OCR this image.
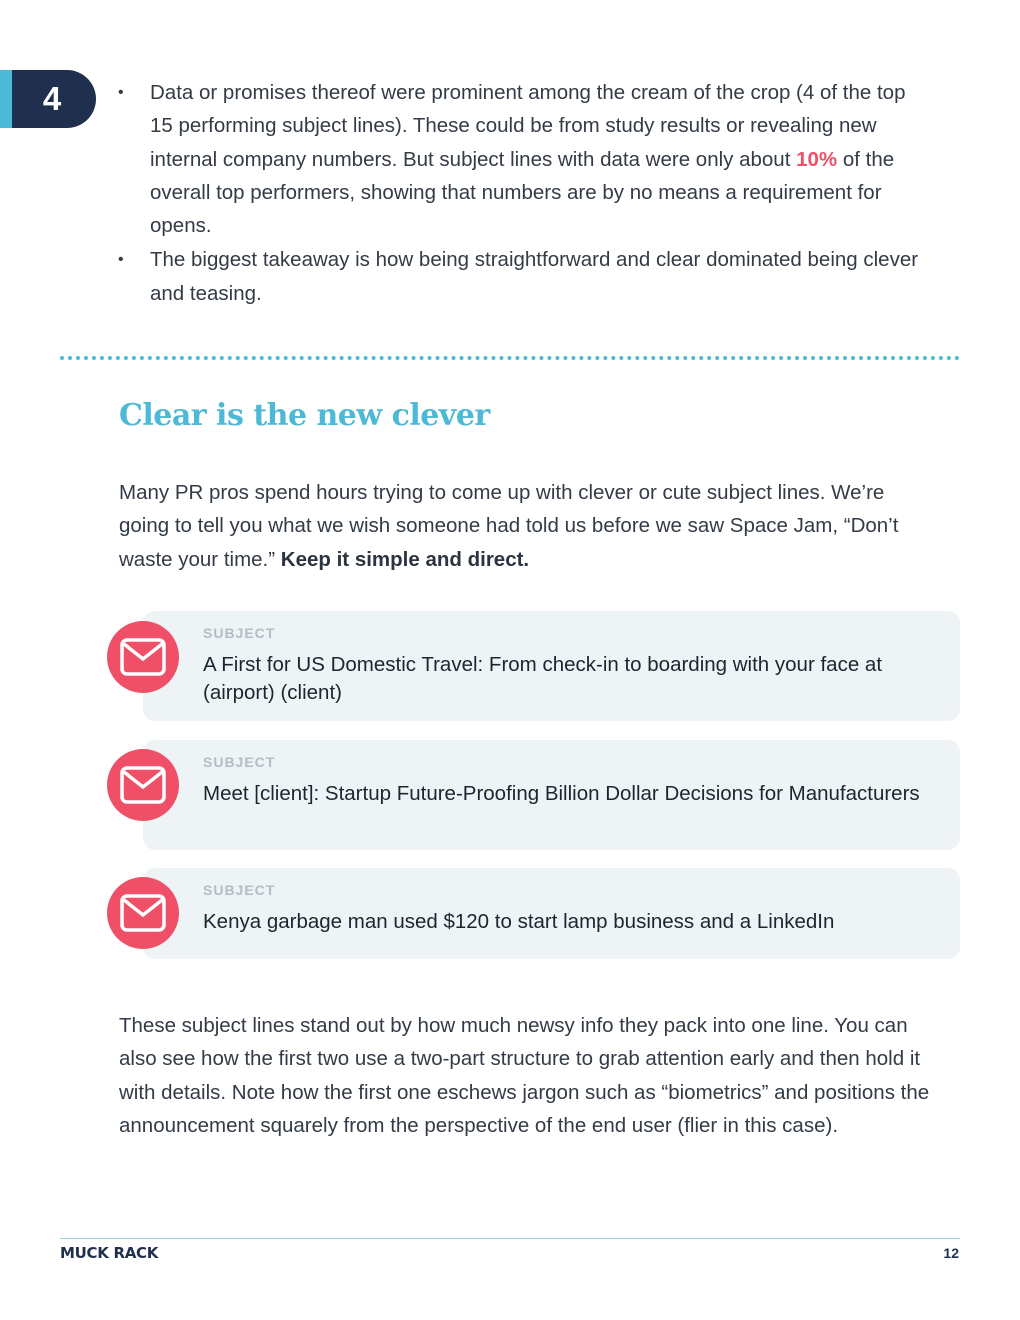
4	• Data or promises thereof were prominent among the cream of the crop (4 of the top 15 performing subject lines). These could be from study results or revealing new internal company numbers. But subject lines with data were only about 10% of the overall top performers, showing that numbers are by no means a requirement for opens.
• The biggest takeaway is how being straightforward and clear dominated being clever and teasing.
Clear is the new clever

Many PR pros spend hours trying to come up with clever or cute subject lines. We’re going to tell you what we wish someone had told us before we saw Space Jam, “Don’t waste your time.” Keep it simple and direct.

SUBJECT
A First for US Domestic Travel: From check-in to boarding with your face at (airport) (client)
SUBJECT
Meet [client]: Startup Future-Proofing Billion Dollar Decisions for Manufacturers
SUBJECT
Kenya garbage man used $120 to start lamp business and a LinkedIn

These subject lines stand out by how much newsy info they pack into one line. You can also see how the first two use a two-part structure to grab attention early and then hold it with details. Note how the first one eschews jargon such as “biometrics” and positions the announcement squarely from the perspective of the end user (flier in this case).

MUCK RACK	12
